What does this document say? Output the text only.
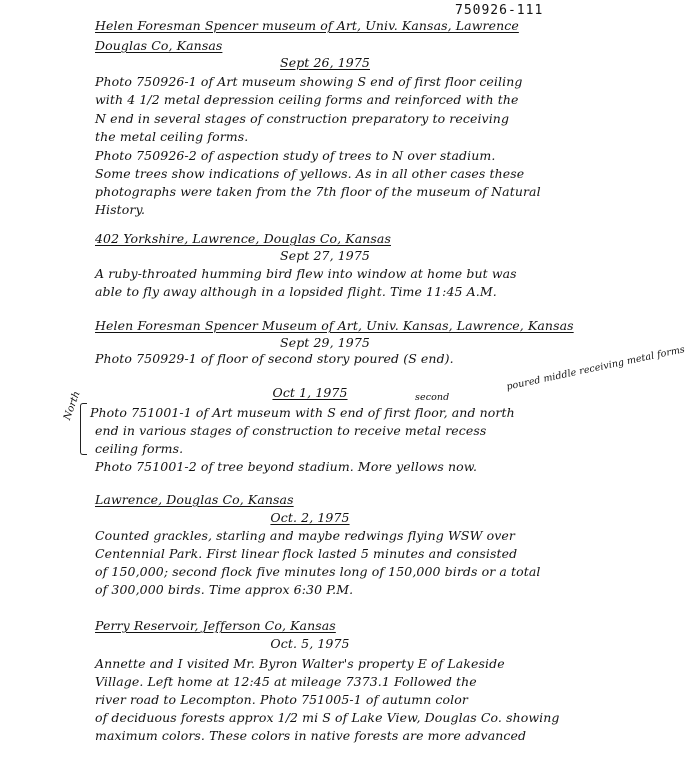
750926-111
Helen Foresman Spencer museum of Art, Univ. Kansas, Lawrence
Douglas Co, Kansas
Sept 26, 1975
Photo 750926-1 of Art museum showing S end of first floor ceiling
with 4 1/2 metal depression ceiling forms and reinforced with the
N end in several stages of construction preparatory to receiving
the metal ceiling forms.
Photo 750926-2 of aspection study of trees to N over stadium.
Some trees show indications of yellows. As in all other cases these
photographs were taken from the 7th floor of the museum of Natural
History.
402 Yorkshire, Lawrence, Douglas Co, Kansas
Sept 27, 1975
A ruby-throated humming bird flew into window at home but was
able to fly away although in a lopsided flight. Time 11:45 A.M.
Helen Foresman Spencer Museum of Art, Univ. Kansas, Lawrence, Kansas
Sept 29, 1975
Photo 750929-1 of floor of second story poured (S end).
Oct 1, 1975	second
poured middle receiving metal forms
North Photo 751001-1 of Art museum with S end of first floor, and north
end in various stages of construction to receive metal recess
ceiling forms.
Photo 751001-2 of tree beyond stadium. More yellows now.
Lawrence, Douglas Co, Kansas
Oct. 2, 1975
Counted grackles, starling and maybe redwings flying WSW over
Centennial Park. First linear flock lasted 5 minutes and consisted
of 150,000; second flock five minutes long of 150,000 birds or a total
of 300,000 birds. Time approx 6:30 P.M.
Perry Reservoir, Jefferson Co, Kansas
Oct. 5, 1975
Annette and I visited Mr. Byron Walter's property E of Lakeside
Village. Left home at 12:45 at mileage 7373.1 Followed the
river road to Lecompton. Photo 751005-1 of autumn color
of deciduous forests approx 1/2 mi S of Lake View, Douglas Co. showing
maximum colors. These colors in native forests are more advanced
